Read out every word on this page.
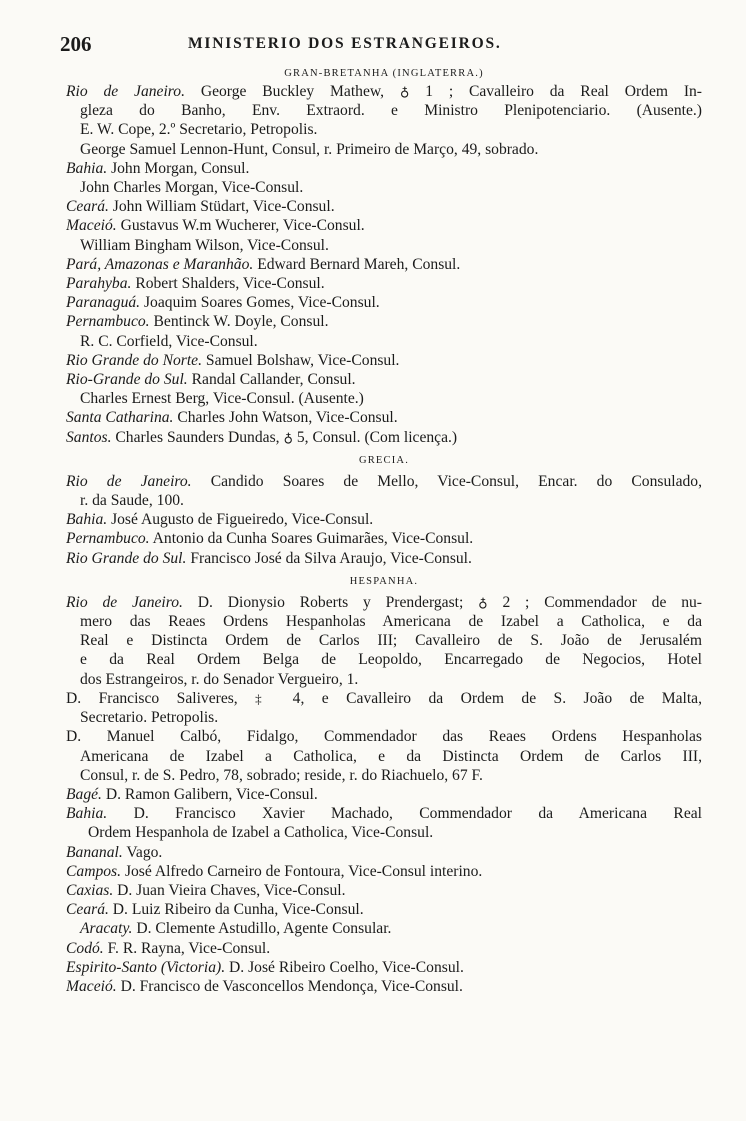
206	MINISTERIO DOS ESTRANGEIROS.
GRAN-BRETANHA (INGLATERRA.)
Rio de Janeiro. George Buckley Mathew, ♁ 1 ; Cavalleiro da Real Ordem In-
gleza do Banho, Env. Extraord. e Ministro Plenipotenciario. (Ausente.)
E. W. Cope, 2.º Secretario, Petropolis.
George Samuel Lennon-Hunt, Consul, r. Primeiro de Março, 49, sobrado.
Bahia. John Morgan, Consul.
John Charles Morgan, Vice-Consul.
Ceará. John William Stüdart, Vice-Consul.
Maceió. Gustavus W.m Wucherer, Vice-Consul.
William Bingham Wilson, Vice-Consul.
Pará, Amazonas e Maranhão. Edward Bernard Mareh, Consul.
Parahyba. Robert Shalders, Vice-Consul.
Paranaguá. Joaquim Soares Gomes, Vice-Consul.
Pernambuco. Bentinck W. Doyle, Consul.
R. C. Corfield, Vice-Consul.
Rio Grande do Norte. Samuel Bolshaw, Vice-Consul.
Rio-Grande do Sul. Randal Callander, Consul.
Charles Ernest Berg, Vice-Consul. (Ausente.)
Santa Catharina. Charles John Watson, Vice-Consul.
Santos. Charles Saunders Dundas, ♁ 5, Consul. (Com licença.)
GRECIA.
Rio de Janeiro. Candido Soares de Mello, Vice-Consul, Encar. do Consulado,
r. da Saude, 100.
Bahia. José Augusto de Figueiredo, Vice-Consul.
Pernambuco. Antonio da Cunha Soares Guimarães, Vice-Consul.
Rio Grande do Sul. Francisco José da Silva Araujo, Vice-Consul.
HESPANHA.
Rio de Janeiro. D. Dionysio Roberts y Prendergast; ♁ 2 ; Commendador de nu-
mero das Reaes Ordens Hespanholas Americana de Izabel a Catholica, e da
Real e Distincta Ordem de Carlos III; Cavalleiro de S. João de Jerusalém
e da Real Ordem Belga de Leopoldo, Encarregado de Negocios, Hotel
dos Estrangeiros, r. do Senador Vergueiro, 1.
D. Francisco Saliveres, ‡ 4, e Cavalleiro da Ordem de S. João de Malta,
Secretario. Petropolis.
D. Manuel Calbó, Fidalgo, Commendador das Reaes Ordens Hespanholas
Americana de Izabel a Catholica, e da Distincta Ordem de Carlos III,
Consul, r. de S. Pedro, 78, sobrado; reside, r. do Riachuelo, 67 F.
Bagé. D. Ramon Galibern, Vice-Consul.
Bahia. D. Francisco Xavier Machado, Commendador da Americana Real
Ordem Hespanhola de Izabel a Catholica, Vice-Consul.
Bananal. Vago.
Campos. José Alfredo Carneiro de Fontoura, Vice-Consul interino.
Caxias. D. Juan Vieira Chaves, Vice-Consul.
Ceará. D. Luiz Ribeiro da Cunha, Vice-Consul.
Aracaty. D. Clemente Astudillo, Agente Consular.
Codó. F. R. Rayna, Vice-Consul.
Espirito-Santo (Victoria). D. José Ribeiro Coelho, Vice-Consul.
Maceió. D. Francisco de Vasconcellos Mendonça, Vice-Consul.
